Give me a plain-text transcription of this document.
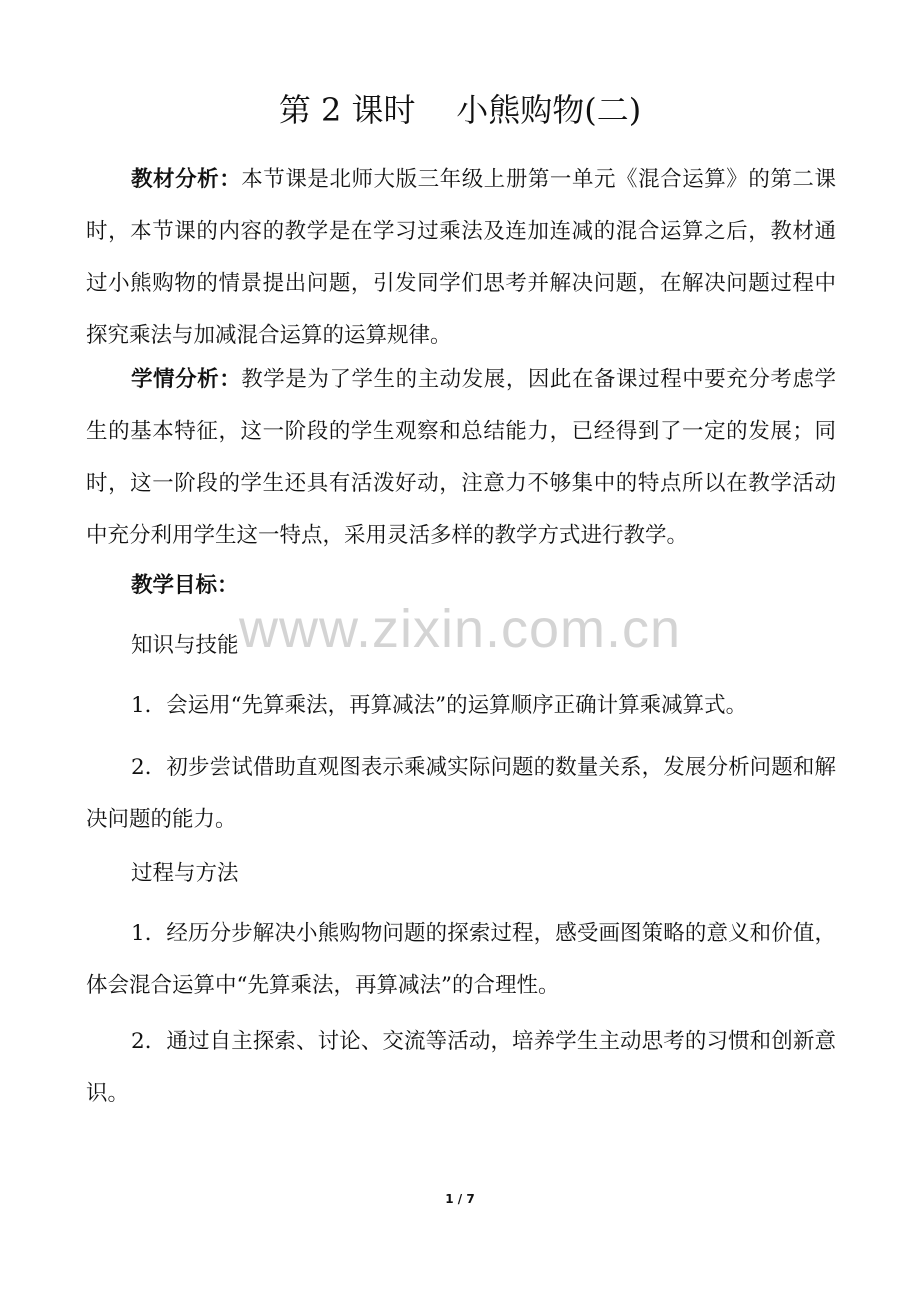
第 2 课时    小熊购物(二)

教材分析：本节课是北师大版三年级上册第一单元《混合运算》的第二课时，本节课的内容的教学是在学习过乘法及连加连减的混合运算之后，教材通过小熊购物的情景提出问题，引发同学们思考并解决问题，在解决问题过程中探究乘法与加减混合运算的运算规律。

学情分析：教学是为了学生的主动发展，因此在备课过程中要充分考虑学生的基本特征，这一阶段的学生观察和总结能力，已经得到了一定的发展；同时，这一阶段的学生还具有活泼好动，注意力不够集中的特点所以在教学活动中充分利用学生这一特点，采用灵活多样的教学方式进行教学。

教学目标：

www.zixin.com.cn

知识与技能

1．会运用“先算乘法，再算减法”的运算顺序正确计算乘减算式。

2．初步尝试借助直观图表示乘减实际问题的数量关系，发展分析问题和解决问题的能力。

过程与方法

1．经历分步解决小熊购物问题的探索过程，感受画图策略的意义和价值，体会混合运算中“先算乘法，再算减法”的合理性。

2．通过自主探索、讨论、交流等活动，培养学生主动思考的习惯和创新意识。

1 / 7
